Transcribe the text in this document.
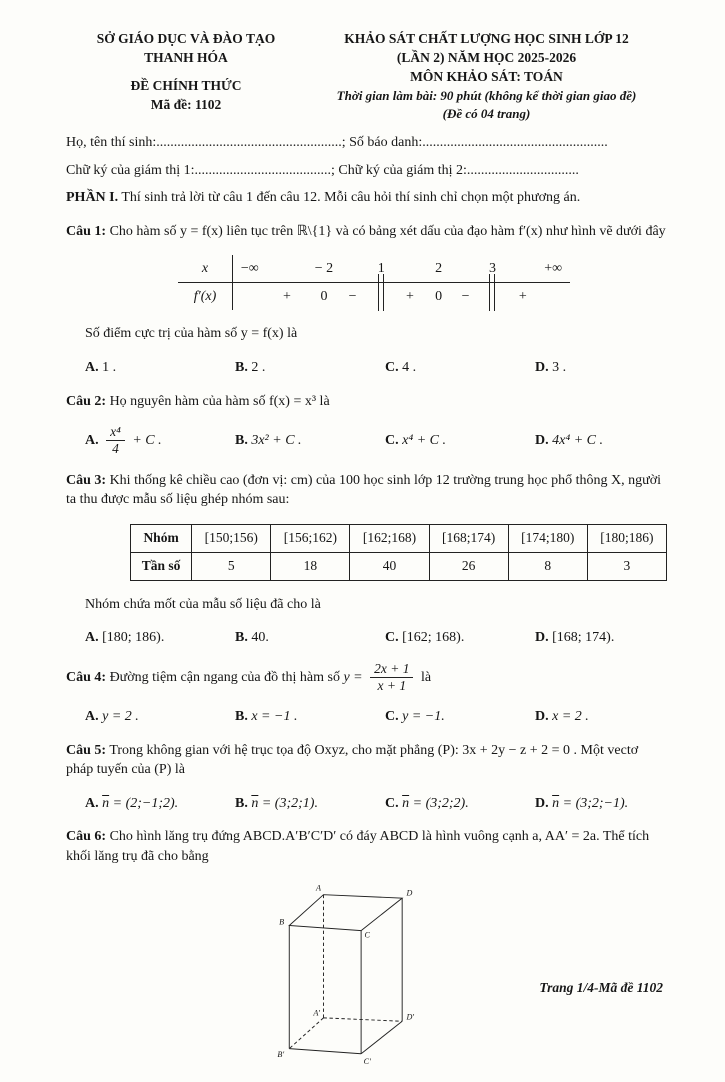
SỞ GIÁO DỤC VÀ ĐÀO TẠO
THANH HÓA
ĐỀ CHÍNH THỨC
Mã đề: 1102
KHẢO SÁT CHẤT LƯỢNG HỌC SINH LỚP 12
(LẦN 2) NĂM HỌC 2025-2026
MÔN KHẢO SÁT: TOÁN
Thời gian làm bài: 90 phút (không kể thời gian giao đề)
(Đề có 04 trang)
Họ, tên thí sinh:.....................................................; Số báo danh:.....................................................
Chữ ký của giám thị 1:.......................................; Chữ ký của giám thị 2:................................

PHẦN I. Thí sinh trả lời từ câu 1 đến câu 12. Mỗi câu hỏi thí sinh chỉ chọn một phương án.

Câu 1: Cho hàm số y = f(x) liên tục trên ℝ\{1} và có bảng xét dấu của đạo hàm f′(x) như hình vẽ dưới đây

x	−∞	− 2	1	2	3	+∞
f′(x)	+ 0 −	+ 0 −	+

Số điểm cực trị của hàm số y = f(x) là

A. 1 .	B. 2 .	C. 4 .	D. 3 .

Câu 2: Họ nguyên hàm của hàm số f(x) = x³ là

A. $\frac{\text{x⁴}}{4} + C$ .	B. 3x² + C .	C. x⁴ + C .	D. 4x⁴ + C .

Câu 3: Khi thống kê chiều cao (đơn vị: cm) của 100 học sinh lớp 12 trường trung học phổ thông X, người ta thu được mẫu số liệu ghép nhóm sau:

Nhóm	[150;156)	[156;162)	[162;168)	[168;174)	[174;180)	[180;186)
Tần số	5	18	40	26	8	3

Nhóm chứa mốt của mẫu số liệu đã cho là

A. [180; 186).	B. 40.	C. [162; 168).	D. [168; 174).

Câu 4: Đường tiệm cận ngang của đồ thị hàm số $y = \frac{2x + 1}{x + 1}$ là

A. y = 2 .	B. x = −1 .	C. y = −1.	D. x = 2 .

Câu 5: Trong không gian với hệ trục tọa độ Oxyz, cho mặt phẳng (P): 3x + 2y − z + 2 = 0 . Một vectơ pháp tuyến của (P) là

A. $\overline{n}$ = (2;−1;2).	B. $\overline{n}$ = (3;2;1).	C. $\overline{n}$ = (3;2;2).	D. $\overline{n}$ = (3;2;−1).

Câu 6: Cho hình lăng trụ đứng ABCD.A′B′C′D′ có đáy ABCD là hình vuông cạnh a, AA′ = 2a. Thể tích khối lăng trụ đã cho bằng

A
D
B
C
A′	D′
B′
C′
Trang 1/4-Mã đề 1102
